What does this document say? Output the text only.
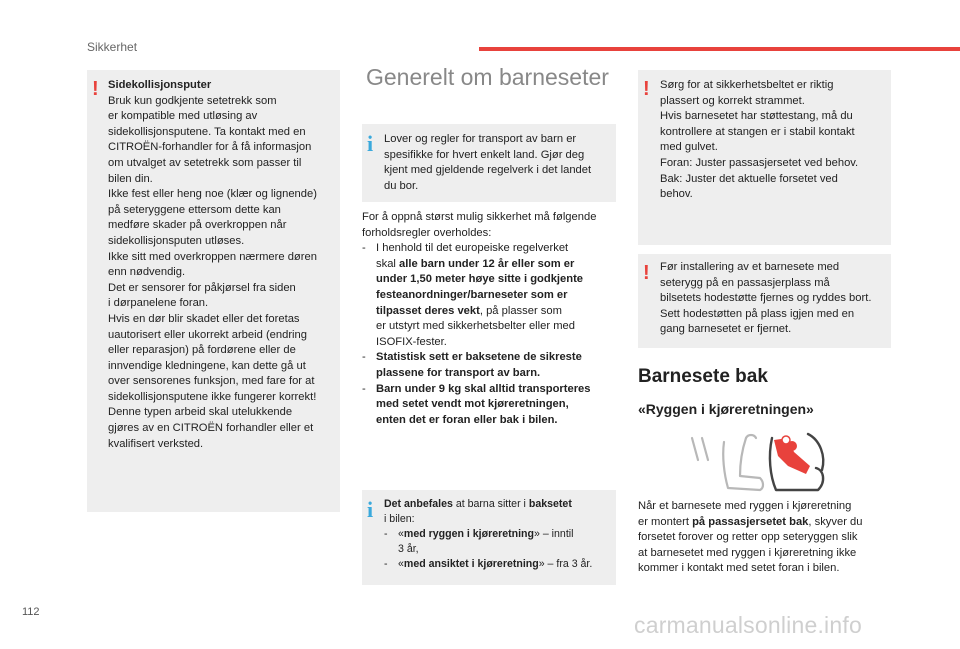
Sikkerhet
! Sidekollisjonsputer
Bruk kun godkjente setetrekk som
er kompatible med utløsing av
sidekollisjonsputene. Ta kontakt med en
CITROËN-forhandler for å få informasjon
om utvalget av setetrekk som passer til
bilen din.
Ikke fest eller heng noe (klær og lignende)
på seteryggene ettersom dette kan
medføre skader på overkroppen når
sidekollisjonsputen utløses.
Ikke sitt med overkroppen nærmere døren
enn nødvendig.
Det er sensorer for påkjørsel fra siden
i dørpanelene foran.
Hvis en dør blir skadet eller det foretas
uautorisert eller ukorrekt arbeid (endring
eller reparasjon) på fordørene eller de
innvendige kledningene, kan dette gå ut
over sensorenes funksjon, med fare for at
sidekollisjonsputene ikke fungerer korrekt!
Denne typen arbeid skal utelukkende
gjøres av en CITROËN forhandler eller et
kvalifisert verksted.
Generelt om barneseter
i Lover og regler for transport av barn er
spesifikke for hvert enkelt land. Gjør deg
kjent med gjeldende regelverk i det landet
du bor.
For å oppnå størst mulig sikkerhet må følgende
forholdsregler overholdes:
- I henhold til det europeiske regelverket
skal alle barn under 12 år eller som er
under 1,50 meter høye sitte i godkjente
festeanordninger/barneseter som er
tilpasset deres vekt, på plasser som
er utstyrt med sikkerhetsbelter eller med
ISOFIX-fester.
- Statistisk sett er baksetene de sikreste
plassene for transport av barn.
- Barn under 9 kg skal alltid transporteres
med setet vendt mot kjøreretningen,
enten det er foran eller bak i bilen.
i Det anbefales at barna sitter i baksetet
i bilen:
- «med ryggen i kjøreretning» – inntil
3 år,
- «med ansiktet i kjøreretning» – fra 3 år.
! Sørg for at sikkerhetsbeltet er riktig
plassert og korrekt strammet.
Hvis barnesetet har støttestang, må du
kontrollere at stangen er i stabil kontakt
med gulvet.
Foran: Juster passasjersetet ved behov.
Bak: Juster det aktuelle forsetet ved
behov.
! Før installering av et barnesete med
seterygg på en passasjerplass må
bilsetets hodestøtte fjernes og ryddes bort.
Sett hodestøtten på plass igjen med en
gang barnesetet er fjernet.
Barnesete bak
«Ryggen i kjøreretningen»
Når et barnesete med ryggen i kjøreretning
er montert på passasjersetet bak, skyver du
forsetet forover og retter opp seteryggen slik
at barnesetet med ryggen i kjøreretning ikke
kommer i kontakt med setet foran i bilen.
112	carmanualsonline.info
